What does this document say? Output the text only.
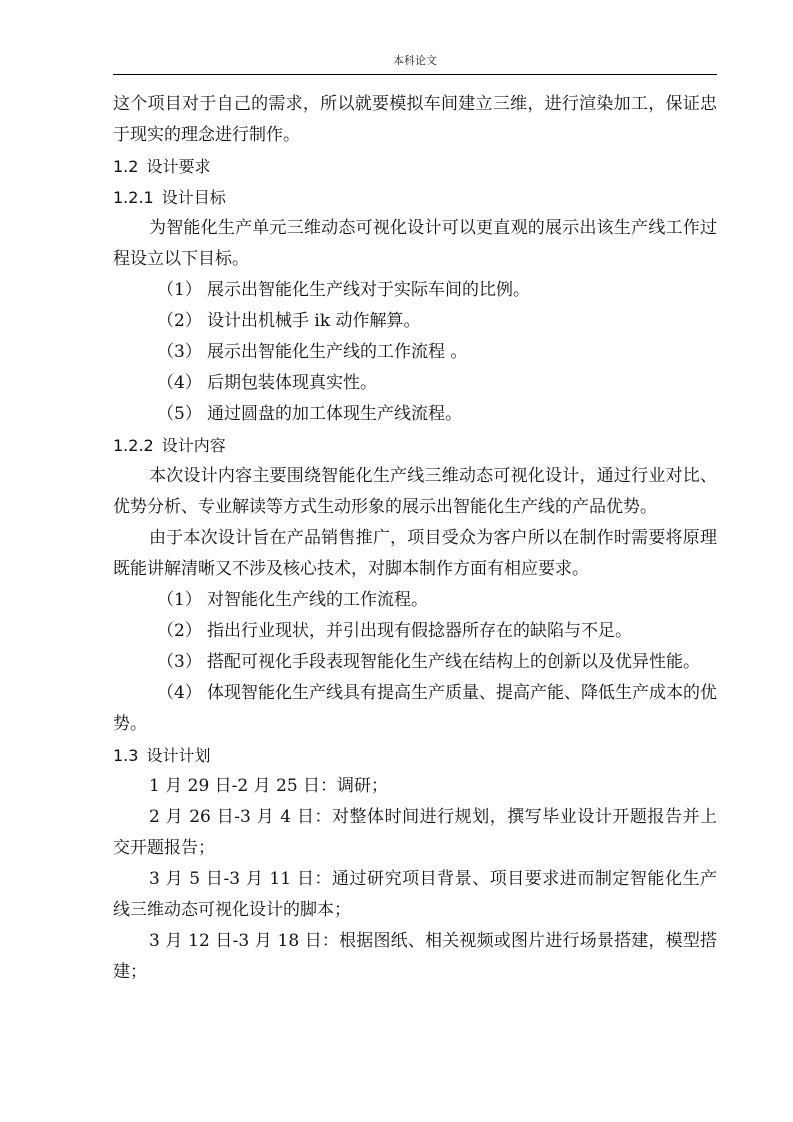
本科论文

这个项目对于自己的需求，所以就要模拟车间建立三维，进行渲染加工，保证忠于现实的理念进行制作。

1.2 设计要求

1.2.1 设计目标

为智能化生产单元三维动态可视化设计可以更直观的展示出该生产线工作过程设立以下目标。

（1） 展示出智能化生产线对于实际车间的比例。

（2） 设计出机械手 ik 动作解算。

（3） 展示出智能化生产线的工作流程 。

（4） 后期包装体现真实性。

（5） 通过圆盘的加工体现生产线流程。

1.2.2 设计内容

本次设计内容主要围绕智能化生产线三维动态可视化设计，通过行业对比、优势分析、专业解读等方式生动形象的展示出智能化生产线的产品优势。

由于本次设计旨在产品销售推广，项目受众为客户所以在制作时需要将原理既能讲解清晰又不涉及核心技术，对脚本制作方面有相应要求。

（1） 对智能化生产线的工作流程。

（2） 指出行业现状，并引出现有假捻器所存在的缺陷与不足。

（3） 搭配可视化手段表现智能化生产线在结构上的创新以及优异性能。

（4） 体现智能化生产线具有提高生产质量、提高产能、降低生产成本的优势。

1.3 设计计划

1 月 29 日-2 月 25 日：调研；

2 月 26 日-3 月 4 日：对整体时间进行规划，撰写毕业设计开题报告并上交开题报告；

3 月 5 日-3 月 11 日：通过研究项目背景、项目要求进而制定智能化生产线三维动态可视化设计的脚本；

3 月 12 日-3 月 18 日：根据图纸、相关视频或图片进行场景搭建，模型搭建；
